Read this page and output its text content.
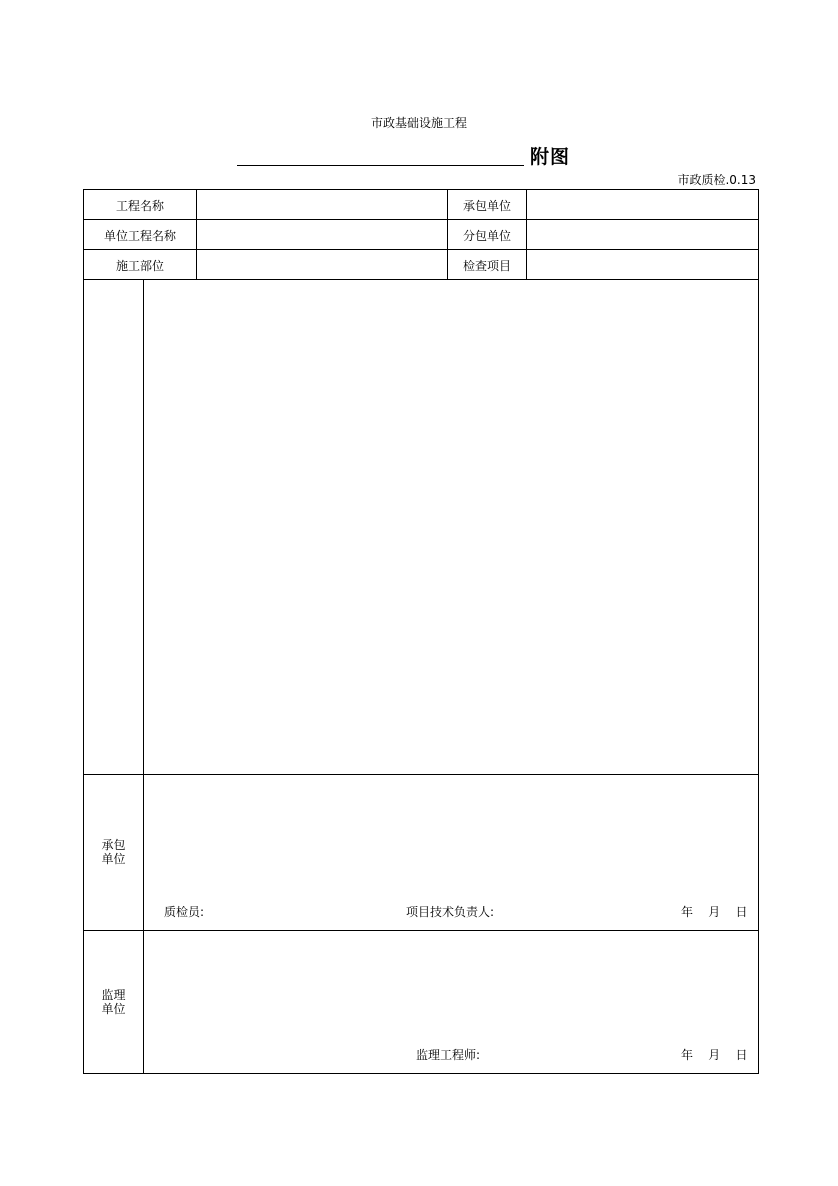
市政基础设施工程
附图
市政质检.0.13
工程名称	承包单位
单位工程名称	分包单位
施工部位	检查项目
承包
单位
质检员:	项目技术负责人:	年    月    日
监理
单位
监理工程师:	年    月    日
